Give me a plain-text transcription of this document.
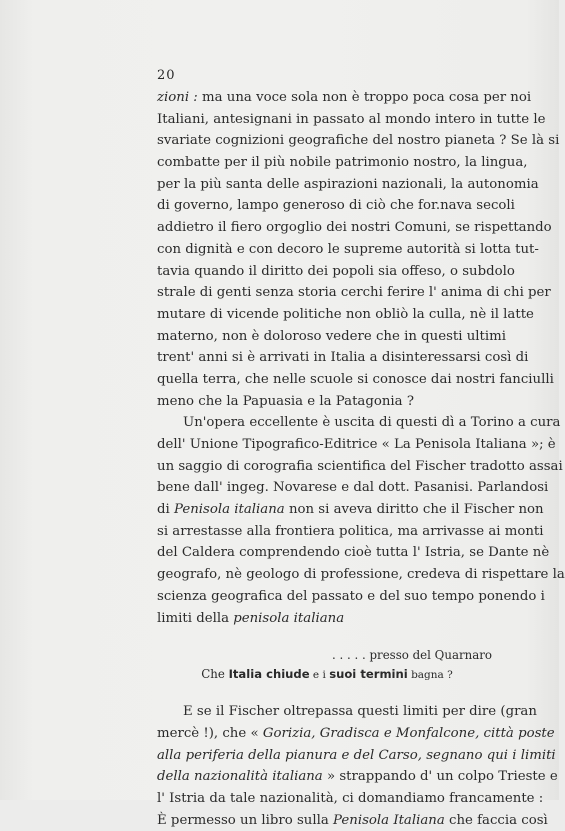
20
zioni : ma una voce sola non è troppo poca cosa per noi
Italiani, antesignani in passato al mondo intero in tutte le
svariate cognizioni geografiche del nostro pianeta ? Se là si
combatte per il più nobile patrimonio nostro, la lingua,
per la più santa delle aspirazioni nazionali, la autonomia
di governo, lampo generoso di ciò che for.nava secoli
addietro il fiero orgoglio dei nostri Comuni, se rispettando
con dignità e con decoro le supreme autorità si lotta tut-
tavia quando il diritto dei popoli sia offeso, o subdolo
strale di genti senza storia cerchi ferire l' anima di chi per
mutare di vicende politiche non obliò la culla, nè il latte
materno, non è doloroso vedere che in questi ultimi
trent' anni si è arrivati in Italia a disinteressarsi così di
quella terra, che nelle scuole si conosce dai nostri fanciulli
meno che la Papuasia e la Patagonia ?
Un'opera eccellente è uscita di questi dì a Torino a cura
dell' Unione Tipografico-Editrice « La Penisola Italiana »; è
un saggio di corografia scientifica del Fischer tradotto assai
bene dall' ingeg. Novarese e dal dott. Pasanisi. Parlandosi
di Penisola italiana non si aveva diritto che il Fischer non
si arrestasse alla frontiera politica, ma arrivasse ai monti
del Caldera comprendendo cioè tutta l' Istria, se Dante nè
geografo, nè geologo di professione, credeva di rispettare la
scienza geografica del passato e del suo tempo ponendo i
limiti della penisola italiana
. . . . . presso del Quarnaro
Che Italia chiude e i suoi termini bagna ?
E se il Fischer oltrepassa questi limiti per dire (gran
mercè !), che « Gorizia, Gradisca e Monfalcone, città poste
alla periferia della pianura e del Carso, segnano qui i limiti
della nazionalità italiana » strappando d' un colpo Trieste e
l' Istria da tale nazionalità, ci domandiamo francamente :
È permesso un libro sulla Penisola Italiana che faccia così
